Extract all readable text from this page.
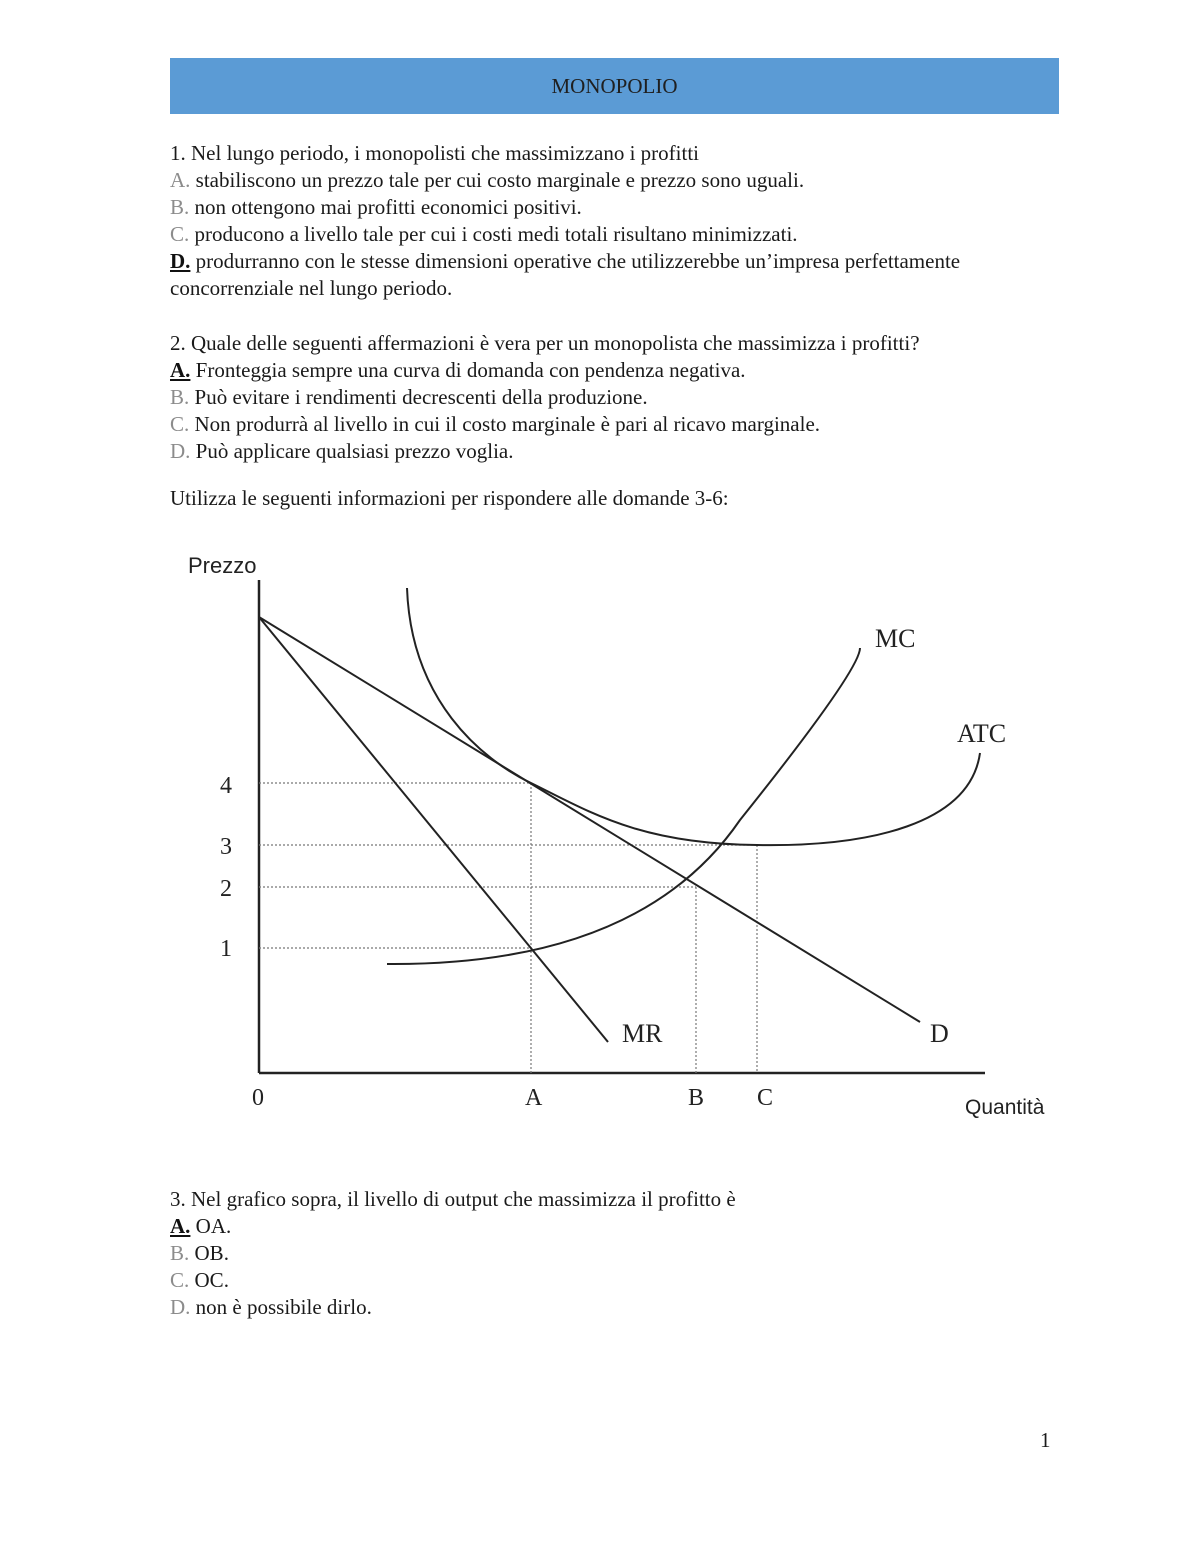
MONOPOLIO
1. Nel lungo periodo, i monopolisti che massimizzano i profitti
A. stabiliscono un prezzo tale per cui costo marginale e prezzo sono uguali.
B. non ottengono mai profitti economici positivi.
C. producono a livello tale per cui i costi medi totali risultano minimizzati.
D. produrranno con le stesse dimensioni operative che utilizzerebbe un’impresa perfettamente concorrenziale nel lungo periodo.
2. Quale delle seguenti affermazioni è vera per un monopolista che massimizza i profitti?
A. Fronteggia sempre una curva di domanda con pendenza negativa.
B. Può evitare i rendimenti decrescenti della produzione.
C. Non produrrà al livello in cui il costo marginale è pari al ricavo marginale.
D. Può applicare qualsiasi prezzo voglia.
Utilizza le seguenti informazioni per rispondere alle domande 3-6:
Prezzo
Quantità
0
4
3
2
1
A	B C
MC
ATC
MR	D
3. Nel grafico sopra, il livello di output che massimizza il profitto è
A. OA.
B. OB.
C. OC.
D. non è possibile dirlo.
1
